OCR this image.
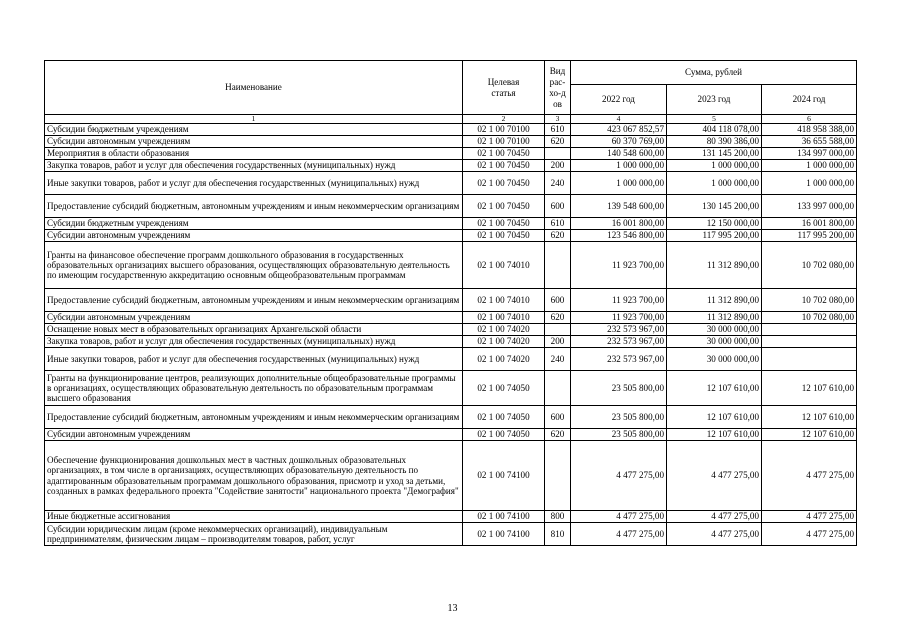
Наименование	Целевая статья	Вид рас-хо-дов	Сумма, рублей		
			2022 год	2023 год	2024 год
1	2	3	4	5	6
Субсидии бюджетным учреждениям	02 1 00 70100	610	423 067 852,57	404 118 078,00	418 958 388,00
Субсидии автономным учреждениям	02 1 00 70100	620	60 370 769,00	80 390 386,00	36 655 588,00
Мероприятия в области образования	02 1 00 70450		140 548 600,00	131 145 200,00	134 997 000,00
Закупка товаров, работ и услуг для обеспечения государственных (муниципальных) нужд	02 1 00 70450	200	1 000 000,00	1 000 000,00	1 000 000,00
Иные закупки товаров, работ и услуг для обеспечения государственных (муниципальных) нужд	02 1 00 70450	240	1 000 000,00	1 000 000,00	1 000 000,00
Предоставление субсидий бюджетным, автономным учреждениям и иным некоммерческим организациям	02 1 00 70450	600	139 548 600,00	130 145 200,00	133 997 000,00
Субсидии бюджетным учреждениям	02 1 00 70450	610	16 001 800,00	12 150 000,00	16 001 800,00
Субсидии автономным учреждениям	02 1 00 70450	620	123 546 800,00	117 995 200,00	117 995 200,00
Гранты на финансовое обеспечение программ дошкольного образования в государственных образовательных организациях высшего образования, осуществляющих образовательную деятельность по имеющим государственную аккредитацию основным общеобразовательным программам	02 1 00 74010		11 923 700,00	11 312 890,00	10 702 080,00
Предоставление субсидий бюджетным, автономным учреждениям и иным некоммерческим организациям	02 1 00 74010	600	11 923 700,00	11 312 890,00	10 702 080,00
Субсидии автономным учреждениям	02 1 00 74010	620	11 923 700,00	11 312 890,00	10 702 080,00
Оснащение новых мест в образовательных организациях Архангельской области	02 1 00 74020		232 573 967,00	30 000 000,00	
Закупка товаров, работ и услуг для обеспечения государственных (муниципальных) нужд	02 1 00 74020	200	232 573 967,00	30 000 000,00	
Иные закупки товаров, работ и услуг для обеспечения государственных (муниципальных) нужд	02 1 00 74020	240	232 573 967,00	30 000 000,00	
Гранты на функционирование центров, реализующих дополнительные общеобразовательные программы в организациях, осуществляющих образовательную деятельность по образовательным программам высшего образования	02 1 00 74050		23 505 800,00	12 107 610,00	12 107 610,00
Предоставление субсидий бюджетным, автономным учреждениям и иным некоммерческим организациям	02 1 00 74050	600	23 505 800,00	12 107 610,00	12 107 610,00
Субсидии автономным учреждениям	02 1 00 74050	620	23 505 800,00	12 107 610,00	12 107 610,00
Обеспечение функционирования дошкольных мест в частных дошкольных образовательных организациях, в том числе в организациях, осуществляющих образовательную деятельность по адаптированным образовательным программам дошкольного образования, присмотр и уход за детьми, созданных в рамках федерального проекта "Содействие занятости" национального проекта "Демография"	02 1 00 74100		4 477 275,00	4 477 275,00	4 477 275,00
Иные бюджетные ассигнования	02 1 00 74100	800	4 477 275,00	4 477 275,00	4 477 275,00
Субсидии юридическим лицам (кроме некоммерческих организаций), индивидуальным предпринимателям, физическим лицам – производителям товаров, работ, услуг	02 1 00 74100	810	4 477 275,00	4 477 275,00	4 477 275,00
13
